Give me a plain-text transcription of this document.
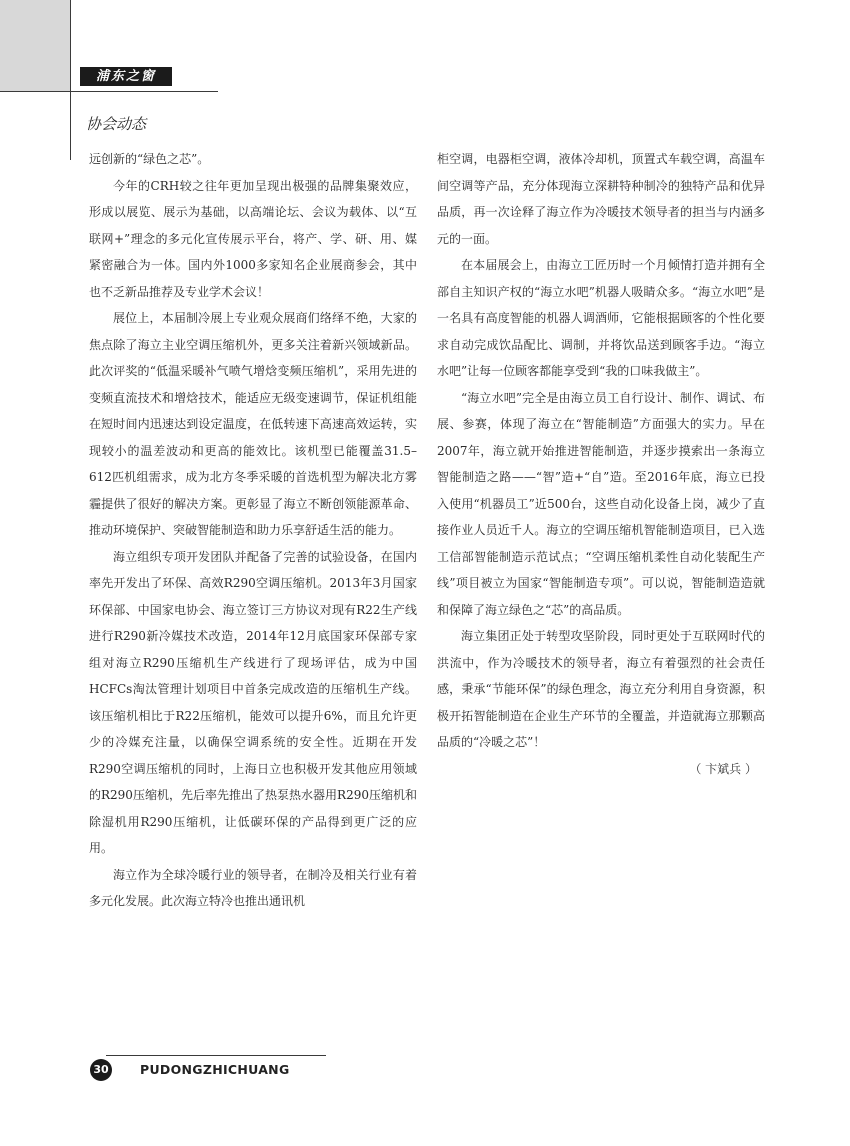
浦东之窗
协会动态

远创新的“绿色之芯”。

今年的CRH较之往年更加呈现出极强的品牌集聚效应，形成以展览、展示为基础，以高端论坛、会议为载体、以“互联网+”理念的多元化宣传展示平台，将产、学、研、用、媒紧密融合为一体。国内外1000多家知名企业展商参会，其中也不乏新品推荐及专业学术会议！

展位上，本届制冷展上专业观众展商们络绎不绝，大家的焦点除了海立主业空调压缩机外，更多关注着新兴领域新品。此次评奖的“低温采暖补气喷气增焓变频压缩机”，采用先进的变频直流技术和增焓技术，能适应无级变速调节，保证机组能在短时间内迅速达到设定温度，在低转速下高速高效运转，实现较小的温差波动和更高的能效比。该机型已能覆盖31.5–612匹机组需求，成为北方冬季采暖的首选机型为解决北方雾霾提供了很好的解决方案。更彰显了海立不断创领能源革命、推动环境保护、突破智能制造和助力乐享舒适生活的能力。

海立组织专项开发团队并配备了完善的试验设备，在国内率先开发出了环保、高效R290空调压缩机。2013年3月国家环保部、中国家电协会、海立签订三方协议对现有R22生产线进行R290新冷媒技术改造，2014年12月底国家环保部专家组对海立R290压缩机生产线进行了现场评估，成为中国HCFCs淘汰管理计划项目中首条完成改造的压缩机生产线。该压缩机相比于R22压缩机，能效可以提升6%，而且允许更少的冷媒充注量，以确保空调系统的安全性。近期在开发R290空调压缩机的同时，上海日立也积极开发其他应用领域的R290压缩机，先后率先推出了热泵热水器用R290压缩机和除湿机用R290压缩机，让低碳环保的产品得到更广泛的应用。

海立作为全球冷暖行业的领导者，在制冷及相关行业有着多元化发展。此次海立特冷也推出通讯机

柜空调，电器柜空调，液体冷却机，顶置式车载空调，高温车间空调等产品，充分体现海立深耕特种制冷的独特产品和优异品质，再一次诠释了海立作为冷暖技术领导者的担当与内涵多元的一面。

在本届展会上，由海立工匠历时一个月倾情打造并拥有全部自主知识产权的“海立水吧”机器人吸睛众多。“海立水吧”是一名具有高度智能的机器人调酒师，它能根据顾客的个性化要求自动完成饮品配比、调制，并将饮品送到顾客手边。“海立水吧”让每一位顾客都能享受到“我的口味我做主”。

“海立水吧”完全是由海立员工自行设计、制作、调试、布展、参赛，体现了海立在“智能制造”方面强大的实力。早在2007年，海立就开始推进智能制造，并逐步摸索出一条海立智能制造之路——“智”造+“自”造。至2016年底，海立已投入使用“机器员工”近500台，这些自动化设备上岗，减少了直接作业人员近千人。海立的空调压缩机智能制造项目，已入选工信部智能制造示范试点；“空调压缩机柔性自动化装配生产线”项目被立为国家“智能制造专项”。可以说，智能制造造就和保障了海立绿色之“芯”的高品质。

海立集团正处于转型攻坚阶段，同时更处于互联网时代的洪流中，作为冷暖技术的领导者，海立有着强烈的社会责任感，秉承“节能环保”的绿色理念，海立充分利用自身资源，积极开拓智能制造在企业生产环节的全覆盖，并造就海立那颗高品质的“冷暖之芯”！

（ 卞斌兵 ）

30	PUDONGZHICHUANG
